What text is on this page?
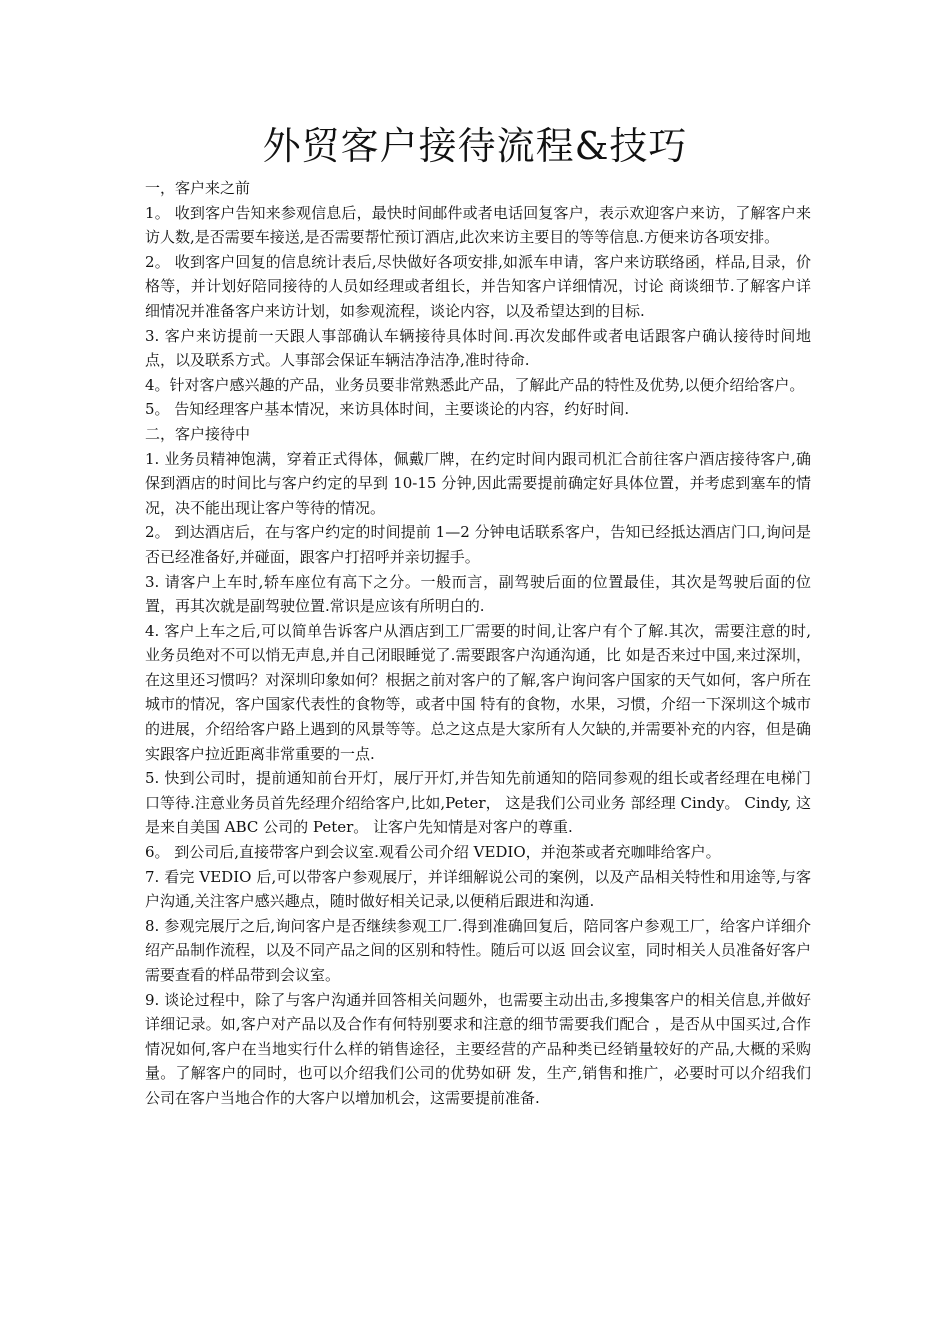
外贸客户接待流程&技巧

一，客户来之前

1。 收到客户告知来参观信息后，最快时间邮件或者电话回复客户，表示欢迎客户来访，了解客户来访人数,是否需要车接送,是否需要帮忙预订酒店,此次来访主要目的等等信息.方便来访各项安排。

2。 收到客户回复的信息统计表后,尽快做好各项安排,如派车申请，客户来访联络函，样品,目录，价格等，并计划好陪同接待的人员如经理或者组长，并告知客户详细情况，讨论 商谈细节.了解客户详细情况并准备客户来访计划，如参观流程，谈论内容，以及希望达到的目标.

3. 客户来访提前一天跟人事部确认车辆接待具体时间.再次发邮件或者电话跟客户确认接待时间地点，以及联系方式。人事部会保证车辆洁净洁净,准时待命.

4。针对客户感兴趣的产品，业务员要非常熟悉此产品，了解此产品的特性及优势,以便介绍给客户。

5。 告知经理客户基本情况，来访具体时间，主要谈论的内容，约好时间.

二，客户接待中

1. 业务员精神饱满，穿着正式得体，佩戴厂牌，在约定时间内跟司机汇合前往客户酒店接待客户,确保到酒店的时间比与客户约定的早到 10-15 分钟,因此需要提前确定好具体位置，并考虑到塞车的情况，决不能出现让客户等待的情况。

2。 到达酒店后，在与客户约定的时间提前 1—2 分钟电话联系客户，告知已经抵达酒店门口,询问是否已经准备好,并碰面，跟客户打招呼并亲切握手。

3. 请客户上车时,轿车座位有高下之分。一般而言，副驾驶后面的位置最佳，其次是驾驶后面的位置，再其次就是副驾驶位置.常识是应该有所明白的.

4. 客户上车之后,可以简单告诉客户从酒店到工厂需要的时间,让客户有个了解.其次，需要注意的时,业务员绝对不可以悄无声息,并自己闭眼睡觉了.需要跟客户沟通沟通，比 如是否来过中国,来过深圳，在这里还习惯吗？对深圳印象如何？根据之前对客户的了解,客户询问客户国家的天气如何，客户所在城市的情况，客户国家代表性的食物等，或者中国 特有的食物，水果，习惯，介绍一下深圳这个城市的进展，介绍给客户路上遇到的风景等等。总之这点是大家所有人欠缺的,并需要补充的内容，但是确实跟客户拉近距离非常重要的一点.

5. 快到公司时，提前通知前台开灯，展厅开灯,并告知先前通知的陪同参观的组长或者经理在电梯门口等待.注意业务员首先经理介绍给客户,比如,Peter， 这是我们公司业务 部经理 Cindy。 Cindy, 这是来自美国 ABC 公司的 Peter。 让客户先知情是对客户的尊重.

6。 到公司后,直接带客户到会议室.观看公司介绍 VEDIO，并泡茶或者充咖啡给客户。

7. 看完 VEDIO 后,可以带客户参观展厅，并详细解说公司的案例，以及产品相关特性和用途等,与客户沟通,关注客户感兴趣点，随时做好相关记录,以便稍后跟进和沟通.

8. 参观完展厅之后,询问客户是否继续参观工厂.得到准确回复后，陪同客户参观工厂，给客户详细介绍产品制作流程，以及不同产品之间的区别和特性。随后可以返 回会议室，同时相关人员准备好客户需要查看的样品带到会议室。

9. 谈论过程中，除了与客户沟通并回答相关问题外，也需要主动出击,多搜集客户的相关信息,并做好详细记录。如,客户对产品以及合作有何特别要求和注意的细节需要我们配合 ，是否从中国买过,合作情况如何,客户在当地实行什么样的销售途径，主要经营的产品种类已经销量较好的产品,大概的采购量。了解客户的同时，也可以介绍我们公司的优势如研 发，生产,销售和推广，必要时可以介绍我们公司在客户当地合作的大客户以增加机会，这需要提前准备.
